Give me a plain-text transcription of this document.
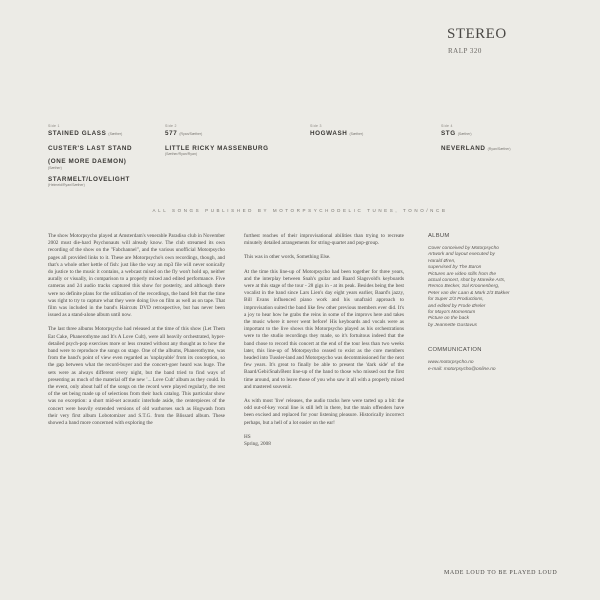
STEREO
RALP 320
Side 1
STAINED GLASS (Sæther)
CUSTER'S LAST STAND
(ONE MORE DAEMON)
(Sæther)
STARMELT/LOVELIGHT
(Helmeid/Ryan/Sæther)
Side 2
577 (Ryan/Sæther)
LITTLE RICKY MASSENBURG
(Sæther/Ryan/Ryan)
Side 3
HOGWASH (Sæther)
Side 4
STG (Sæther)
NEVERLAND (Ryan/Sæther)
ALL SONGS PUBLISHED BY MOTORPSYCHODELIC TUNES, TONO/NCB

The show Motorpsycho played at Amsterdam's venerable Paradiso club in November 2002 must die-hard Psychonauts will already know. The club streamed its own recording of the show on the "Fabchannel", and the various unofficial Motorpsycho pages all provided links to it. These are Motorpsycho's own recordings, though, and that's a whole other kettle of fish: just like the way an mp3 file will never sonically do justice to the music it contains, a webcast mixed on the fly won't hold up, neither aurally or visually, in comparison to a properly mixed and edited performance. Five cameras and 24 audio tracks captured this show for posterity, and although there were no definite plans for the utilization of the recordings, the band felt that the time was right to try to capture what they were doing live on film as well as on tape. That film was included in the band's Haircuts DVD retrospective, but has never been issued as a stand-alone album until now.

The last three albums Motorpsycho had released at the time of this show (Let Them Eat Cake, Phanerothyme and It's A Love Cult), were all heavily orchestrated, hyper-detailed psych-pop exercises more or less created without any thought as to how the band were to reproduce the songs on stage. One of the albums, Phanerothyme, was from the band's point of view even regarded as 'unplayable' from its conception, so the gap between what the record-buyer and the concert-goer heard was huge. The sets were as always different every night, but the band tried to find ways of presenting as much of the material off the new '... Love Cult' album as they could. In the event, only about half of the songs on the record were played regularly, the rest of the set being made up of selections from their back catalog. This particular show was no exception: a short mid-set acoustic interlude aside, the centerpieces of the concert were heavily extended versions of old warhorses such as Hogwash from their very first album Lobotomizer and S.T.G. from the Blissard album. These showed a band more concerned with exploring the

furthest reaches of their improvisational abilities than trying to recreate minutely detailed arrangements for string-quartet and pop-group.

This was in other words, Something Else.

At the time this line-up of Motorpsycho had been together for three years, and the interplay between Snah's guitar and Baard Slagsvold's keyboards were at this stage of the tour - 28 gigs in - at its peak. Besides being the best vocalist in the band since Lars Lien's day eight years earlier, Baard's jazzy, Bill Evans influenced piano work and his unafraid approach to improvisation suited the band like few other previous members ever did. It's a joy to hear how he grabs the reins in some of the improvs here and takes the music where it never went before! His keyboards and vocals were as important to the live shows this Motorpsycho played as his orchestrations were to the studio recordings they made, so it's fortuitous indeed that the band chose to record this concert at the end of the tour less than two weeks later, this line-up of Motorpsycho ceased to exist as the core members headed into Tussler-land and Motorpsycho was decommissioned for the next few years. It's great to finally be able to present the 'dark side' of the Baard/Gebi/Snah/Bent line-up of the band to those who missed out the first time around, and to leave those of you who saw it all with a properly mixed and mastered souvenir.

As with most 'live' releases, the audio tracks here were tarted up a bit: the odd out-of-key vocal line is still left in there, but the main offenders have been excised and replaced for your listening pleasure. Historically incorrect perhaps, but a hell of a lot easier on the ear!

HS
Spring, 2008
ALBUM
Cover conceived by Motorpsycho
Artwork and layout executed by
Harald Øren,
supervised by The Baron
Pictures are video stills from the
actual concert, shot by Mareike Arts,
Remco Becker, Sal Kroonenberg,
Peter van der Laan & Mark 2/3 Bakker
for Super 2/3 Productions,
and edited by Frode Øreler
for Maya's Momentum
Picture on the back
by Jeannette Gustavus
COMMUNICATION
www.motorpsycho.no
e-mail: motorpsycho@online.no
MADE LOUD TO BE PLAYED LOUD
